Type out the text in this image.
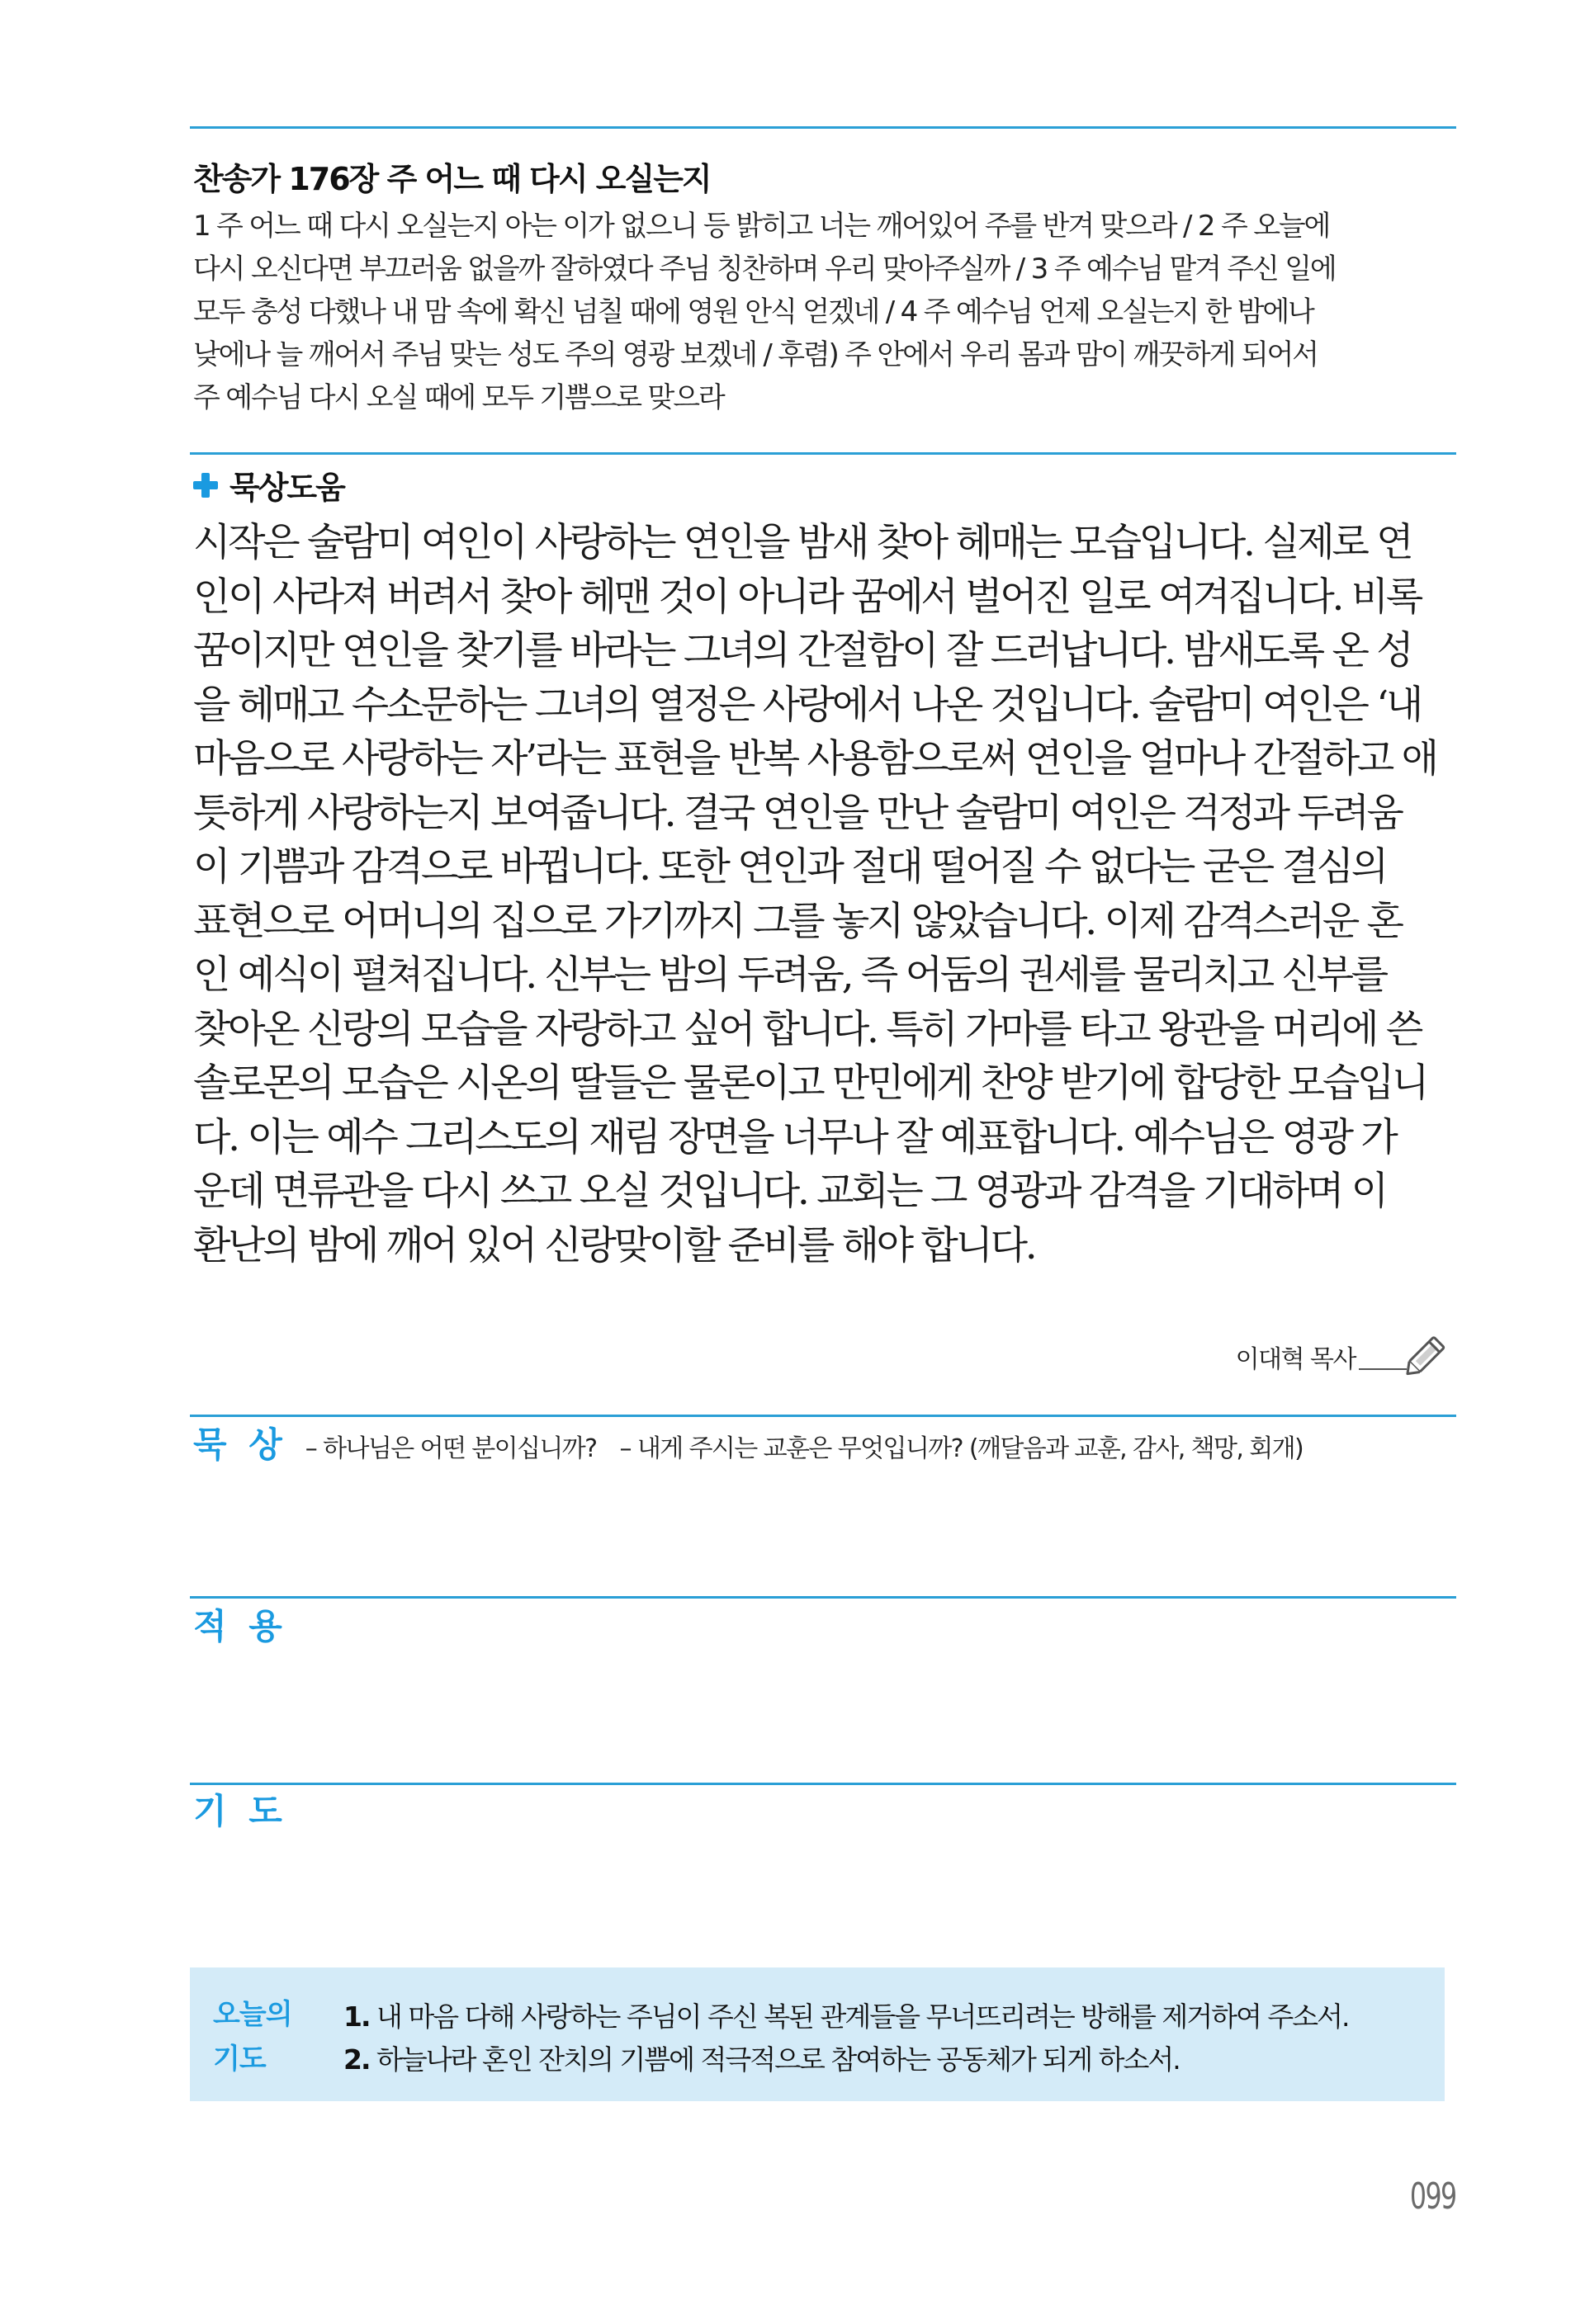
찬송가 176장 주 어느 때 다시 오실는지

1 주 어느 때 다시 오실는지 아는 이가 없으니 등 밝히고 너는 깨어있어 주를 반겨 맞으라 / 2 주 오늘에

다시 오신다면 부끄러움 없을까 잘하였다 주님 칭찬하며 우리 맞아주실까 / 3 주 예수님 맡겨 주신 일에

모두 충성 다했나 내 맘 속에 확신 넘칠 때에 영원 안식 얻겠네 / 4 주 예수님 언제 오실는지 한 밤에나

낮에나 늘 깨어서 주님 맞는 성도 주의 영광 보겠네 / 후렴) 주 안에서 우리 몸과 맘이 깨끗하게 되어서

주 예수님 다시 오실 때에 모두 기쁨으로 맞으라

묵상도움

시작은 술람미 여인이 사랑하는 연인을 밤새 찾아 헤매는 모습입니다. 실제로 연

인이 사라져 버려서 찾아 헤맨 것이 아니라 꿈에서 벌어진 일로 여겨집니다. 비록

꿈이지만 연인을 찾기를 바라는 그녀의 간절함이 잘 드러납니다. 밤새도록 온 성

을 헤매고 수소문하는 그녀의 열정은 사랑에서 나온 것입니다. 술람미 여인은 ‘내

마음으로 사랑하는 자’라는 표현을 반복 사용함으로써 연인을 얼마나 간절하고 애

틋하게 사랑하는지 보여줍니다. 결국 연인을 만난 술람미 여인은 걱정과 두려움

이 기쁨과 감격으로 바뀝니다. 또한 연인과 절대 떨어질 수 없다는 굳은 결심의

표현으로 어머니의 집으로 가기까지 그를 놓지 않았습니다. 이제 감격스러운 혼

인 예식이 펼쳐집니다. 신부는 밤의 두려움, 즉 어둠의 권세를 물리치고 신부를

찾아온 신랑의 모습을 자랑하고 싶어 합니다. 특히 가마를 타고 왕관을 머리에 쓴

솔로몬의 모습은 시온의 딸들은 물론이고 만민에게 찬양 받기에 합당한 모습입니

다. 이는 예수 그리스도의 재림 장면을 너무나 잘 예표합니다. 예수님은 영광 가

운데 면류관을 다시 쓰고 오실 것입니다. 교회는 그 영광과 감격을 기대하며 이

환난의 밤에 깨어 있어 신랑맞이할 준비를 해야 합니다.

이대혁 목사
묵 상 – 하나님은 어떤 분이십니까? – 내게 주시는 교훈은 무엇입니까? (깨달음과 교훈, 감사, 책망, 회개)
적 용
기 도
오늘의
기도

1. 내 마음 다해 사랑하는 주님이 주신 복된 관계들을 무너뜨리려는 방해를 제거하여 주소서.

2. 하늘나라 혼인 잔치의 기쁨에 적극적으로 참여하는 공동체가 되게 하소서.

099
